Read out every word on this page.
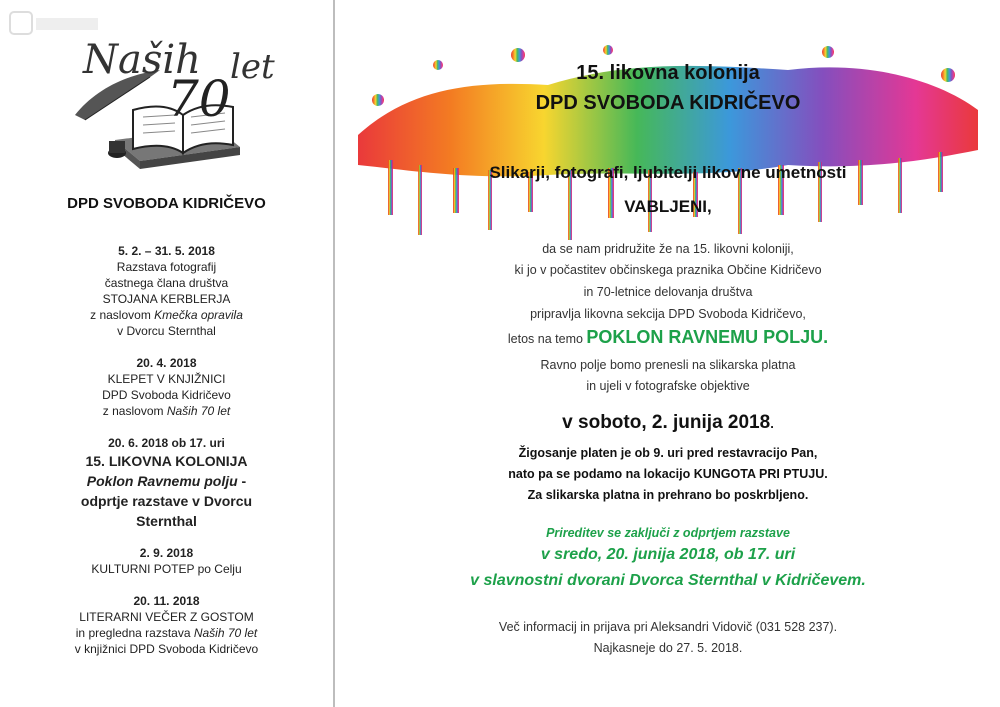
Naših let
70
DPD SVOBODA KIDRIČEVO
5. 2. – 31. 5. 2018
Razstava fotografij
častnega člana društva
STOJANA KERBLERJA
z naslovom Kmečka opravila
v Dvorcu Sternthal
20. 4. 2018
KLEPET V KNJIŽNICI
DPD Svoboda Kidričevo
z naslovom Naših 70 let
20. 6. 2018 ob 17. uri
15. LIKOVNA KOLONIJA
Poklon Ravnemu polju -
odprtje razstave v Dvorcu
Sternthal
2. 9. 2018
KULTURNI POTEP po Celju
20. 11. 2018
LITERARNI VEČER Z GOSTOM
in pregledna razstava Naših 70 let
v knjižnici DPD Svoboda Kidričevo
15. likovna kolonija
DPD SVOBODA KIDRIČEVO
Slikarji, fotografi, ljubitelji likovne umetnosti
VABLJENI,
da se nam pridružite že na 15. likovni koloniji,
ki jo v počastitev občinskega praznika Občine Kidričevo
in 70-letnice delovanja društva
pripravlja likovna sekcija DPD Svoboda Kidričevo,
letos na temo POKLON RAVNEMU POLJU.
Ravno polje bomo prenesli na slikarska platna
in ujeli v fotografske objektive
v soboto, 2. junija 2018.
Žigosanje platen je ob 9. uri pred restavracijo Pan,
nato pa se podamo na lokacijo KUNGOTA PRI PTUJU.
Za slikarska platna in prehrano bo poskrbljeno.
Prireditev se zaključi z odprtjem razstave
v sredo, 20. junija 2018, ob 17. uri
v slavnostni dvorani Dvorca Sternthal v Kidričevem.
Več informacij in prijava pri Aleksandri Vidovič (031 528 237).
Najkasneje do 27. 5. 2018.
